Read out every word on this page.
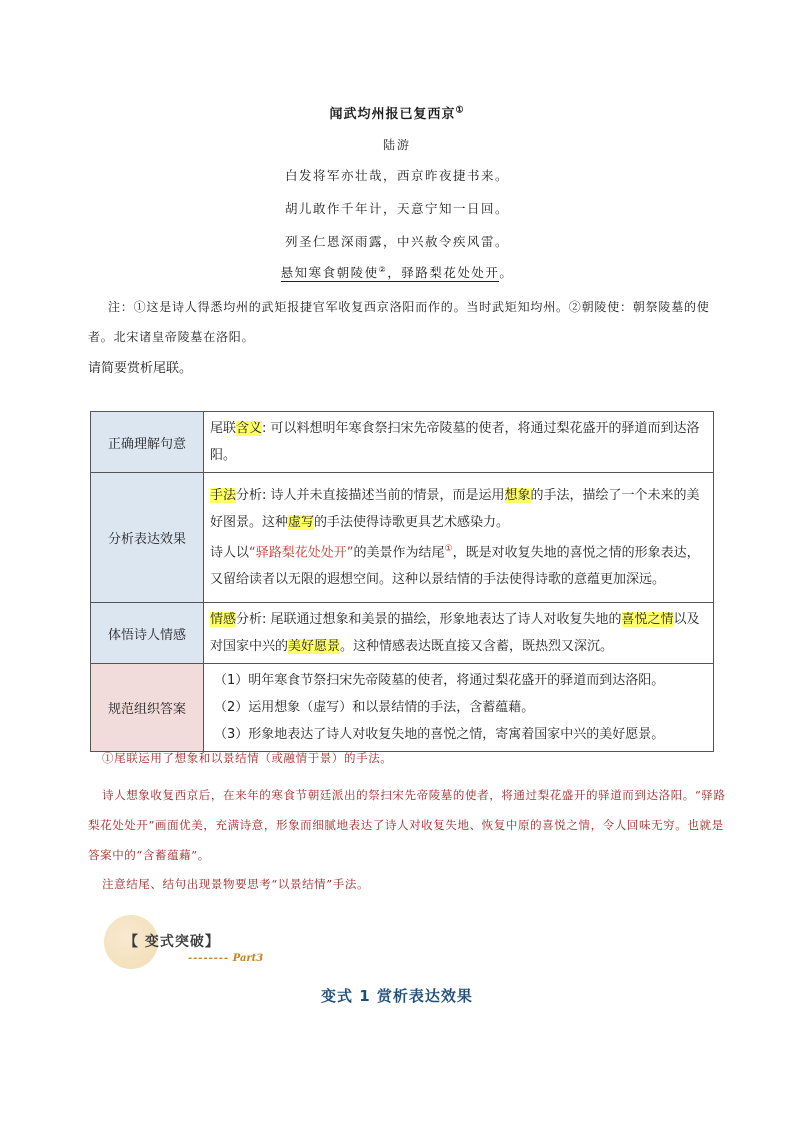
闻武均州报已复西京①
陆游
白发将军亦壮哉，西京昨夜捷书来。
胡儿敢作千年计，天意宁知一日回。
列圣仁恩深雨露，中兴赦令疾风雷。
悬知寒食朝陵使②，驿路梨花处处开。
注：①这是诗人得悉均州的武矩报捷官军收复西京洛阳而作的。当时武矩知均州。②朝陵使：朝祭陵墓的使者。北宋诸皇帝陵墓在洛阳。
请简要赏析尾联。
正确理解句意	尾联含义: 可以料想明年寒食祭扫宋先帝陵墓的使者，将通过梨花盛开的驿道而到达洛阳。
分析表达效果	手法分析: 诗人并未直接描述当前的情景，而是运用想象的手法，描绘了一个未来的美好图景。这种虚写的手法使得诗歌更具艺术感染力。
诗人以“驿路梨花处处开”的美景作为结尾①，既是对收复失地的喜悦之情的形象表达，又留给读者以无限的遐想空间。这种以景结情的手法使得诗歌的意蕴更加深远。
体悟诗人情感	情感分析: 尾联通过想象和美景的描绘，形象地表达了诗人对收复失地的喜悦之情以及对国家中兴的美好愿景。这种情感表达既直接又含蓄，既热烈又深沉。
规范组织答案	（1）明年寒食节祭扫宋先帝陵墓的使者，将通过梨花盛开的驿道而到达洛阳。
（2）运用想象（虚写）和以景结情的手法，含蓄蕴藉。
（3）形象地表达了诗人对收复失地的喜悦之情，寄寓着国家中兴的美好愿景。
①尾联运用了想象和以景结情（或融情于景）的手法。
诗人想象收复西京后，在来年的寒食节朝廷派出的祭扫宋先帝陵墓的使者，将通过梨花盛开的驿道而到达洛阳。“驿路梨花处处开”画面优美，充满诗意，形象而细腻地表达了诗人对收复失地、恢复中原的喜悦之情，令人回味无穷。也就是答案中的“含蓄蕴藉”。
注意结尾、结句出现景物要思考“以景结情”手法。
【 变式突破】
-------- Part3
变式 1 赏析表达效果
